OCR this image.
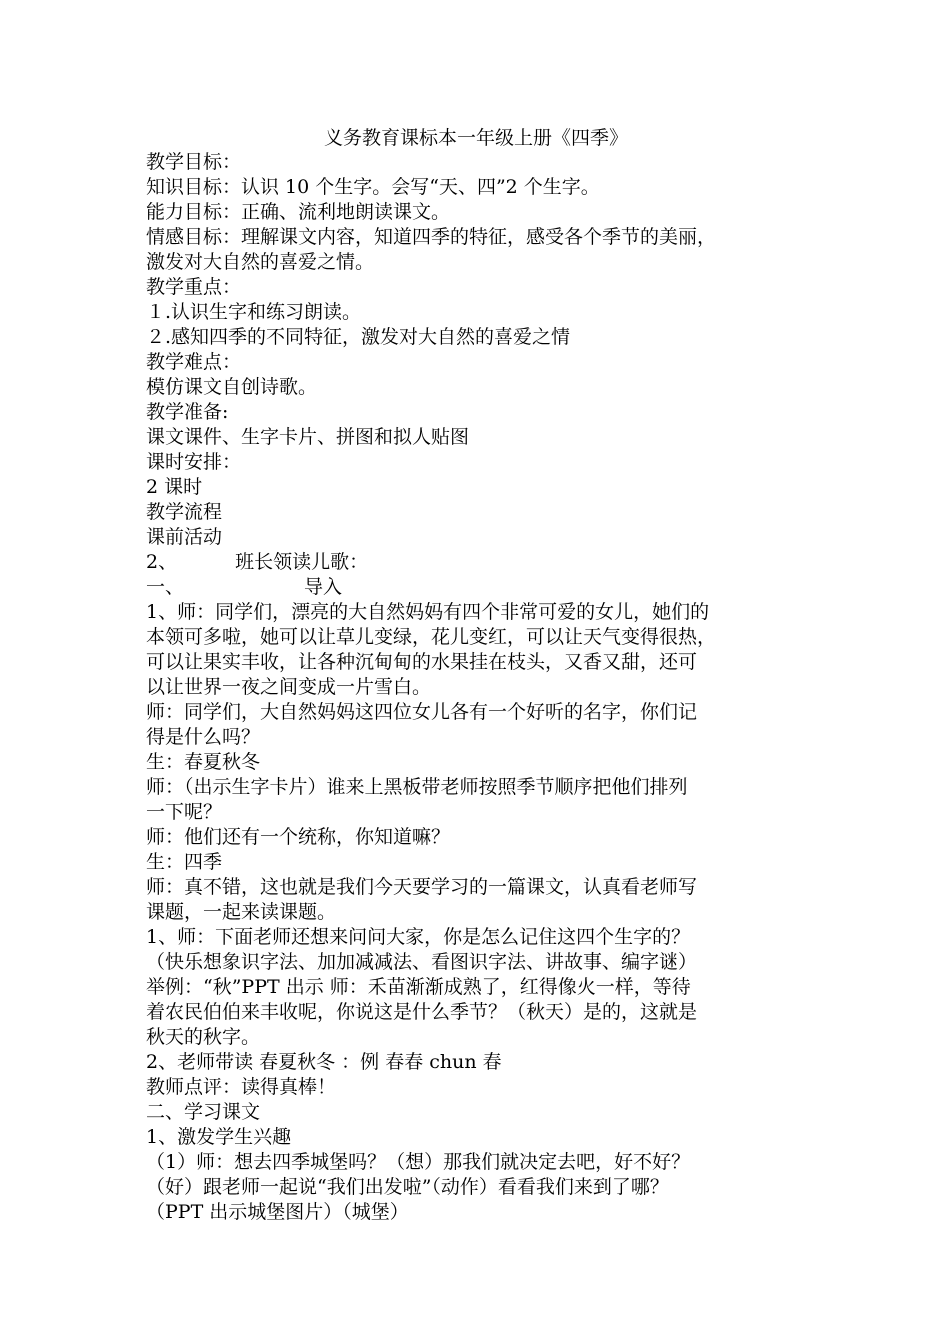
义务教育课标本一年级上册《四季》
教学目标：
知识目标：认识 10 个生字。会写“天、四”2 个生字。
能力目标：正确、流利地朗读课文。
情感目标：理解课文内容，知道四季的特征，感受各个季节的美丽，
激发对大自然的喜爱之情。
教学重点：
１.认识生字和练习朗读。
２.感知四季的不同特征，激发对大自然的喜爱之情
教学难点：
模仿课文自创诗歌。
教学准备:
课文课件、生字卡片、拼图和拟人贴图
课时安排：
2 课时
教学流程
课前活动
2、	班长领读儿歌：
一、	导入
1、师：同学们，漂亮的大自然妈妈有四个非常可爱的女儿，她们的
本领可多啦，她可以让草儿变绿，花儿变红，可以让天气变得很热，
可以让果实丰收，让各种沉甸甸的水果挂在枝头，又香又甜，还可
以让世界一夜之间变成一片雪白。
师：同学们，大自然妈妈这四位女儿各有一个好听的名字，你们记
得是什么吗？
生：春夏秋冬
师：（出示生字卡片）谁来上黑板带老师按照季节顺序把他们排列
一下呢？
师：他们还有一个统称，你知道嘛？
生：四季
师：真不错，这也就是我们今天要学习的一篇课文，认真看老师写
课题，一起来读课题。
1、师：下面老师还想来问问大家，你是怎么记住这四个生字的？
（快乐想象识字法、加加减减法、看图识字法、讲故事、编字谜）
举例：“秋”PPT 出示 师：禾苗渐渐成熟了，红得像火一样，等待
着农民伯伯来丰收呢，你说这是什么季节？（秋天）是的，这就是
秋天的秋字。
2、老师带读 春夏秋冬 ：例 春春 chun 春
教师点评：读得真棒！
二、学习课文
1、激发学生兴趣
（1）师：想去四季城堡吗？（想）那我们就决定去吧，好不好？
（好）跟老师一起说“我们出发啦”（动作）看看我们来到了哪？
（PPT 出示城堡图片）（城堡）
